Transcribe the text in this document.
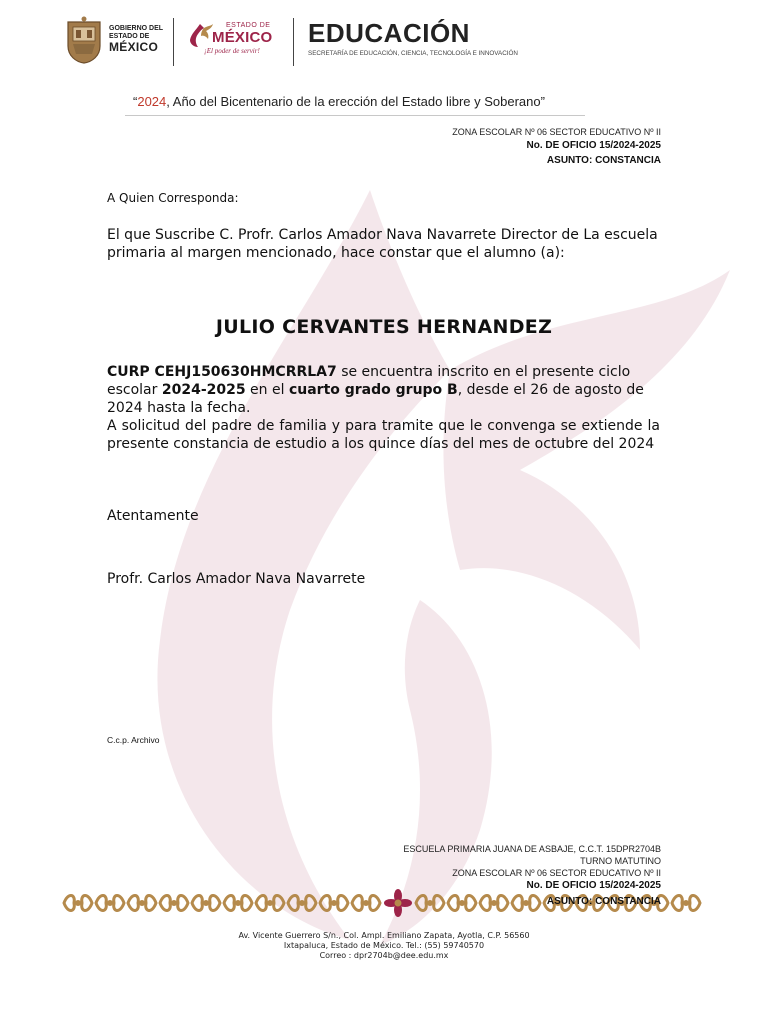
GOBIERNO DEL
ESTADO DE
MÉXICO
ESTADO DE
MÉXICO
¡El poder de servir!
EDUCACIÓN
SECRETARÍA DE EDUCACIÓN, CIENCIA, TECNOLOGÍA E INNOVACIÓN
“2024, Año del Bicentenario de la erección del Estado libre y Soberano”
ZONA ESCOLAR Nº 06 SECTOR EDUCATIVO Nº II
No. DE OFICIO 15/2024-2025
ASUNTO: CONSTANCIA
A Quien Corresponda:
El que Suscribe C. Profr. Carlos Amador Nava Navarrete Director de La escuela primaria al margen mencionado, hace constar que el alumno (a):
JULIO CERVANTES HERNANDEZ

CURP CEHJ150630HMCRRLA7 se encuentra inscrito en el presente ciclo escolar 2024-2025 en el cuarto grado grupo B, desde el 26 de agosto de 2024 hasta la fecha.

A solicitud del padre de familia y para tramite que le convenga se extiende la presente constancia de estudio a los quince días del mes de octubre del 2024

Atentamente
Profr. Carlos Amador Nava Navarrete
C.c.p. Archivo
ESCUELA PRIMARIA JUANA DE ASBAJE, C.C.T. 15DPR2704B
TURNO MATUTINO
ZONA ESCOLAR Nº 06 SECTOR EDUCATIVO Nº II
No. DE OFICIO 15/2024-2025
ASUNTO: CONSTANCIA
Av. Vicente Guerrero S/n., Col. Ampl. Emiliano Zapata, Ayotla, C.P. 56560
Ixtapaluca, Estado de México. Tel.: (55) 59740570
Correo : dpr2704b@dee.edu.mx
